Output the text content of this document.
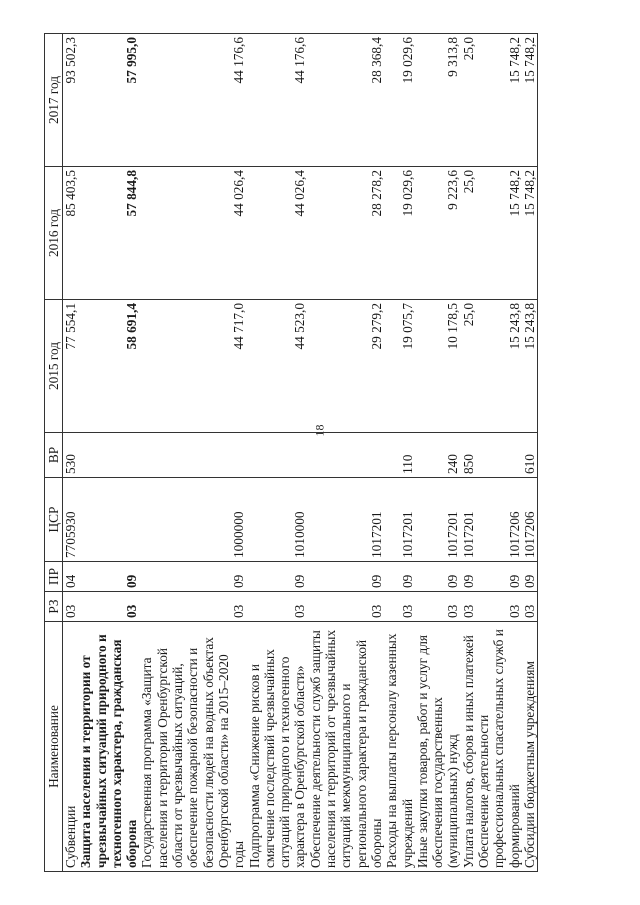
18
Наименование	РЗ	ПР	ЦСР	ВР	2015 год	2016 год	2017 год
Субвенции	03	04	7705930	530	77 554,1	85 403,5	93 502,3
Защита населения и территории от чрезвычайных ситуаций природного и техногенного характера, гражданская оборона	03	09			58 691,4	57 844,8	57 995,0
Государственная программа «Защита населения и территории Оренбургской области от чрезвычайных ситуаций, обеспечение пожарной безопасности и безопасности людей на водных объектах Оренбургской области» на 2015–2020 годы	03	09	1000000		44 717,0	44 026,4	44 176,6
Подпрограмма «Снижение рисков и смягчение последствий чрезвычайных ситуаций природного и техногенного характера в Оренбургской области»	03	09	1010000		44 523,0	44 026,4	44 176,6
Обеспечение деятельности служб защиты населения и территорий от чрезвычайных ситуаций межмуниципального и регионального характера и гражданской обороны	03	09	1017201		29 279,2	28 278,2	28 368,4
Расходы на выплаты персоналу казенных учреждений	03	09	1017201	110	19 075,7	19 029,6	19 029,6
Иные закупки товаров, работ и услуг для обеспечения государственных (муниципальных) нужд	03	09	1017201	240	10 178,5	9 223,6	9 313,8
Уплата налогов, сборов и иных платежей	03	09	1017201	850	25,0	25,0	25,0
Обеспечение деятельности профессиональных спасательных служб и формирований	03	09	1017206		15 243,8	15 748,2	15 748,2
Субсидии бюджетным учреждениям	03	09	1017206	610	15 243,8	15 748,2	15 748,2
